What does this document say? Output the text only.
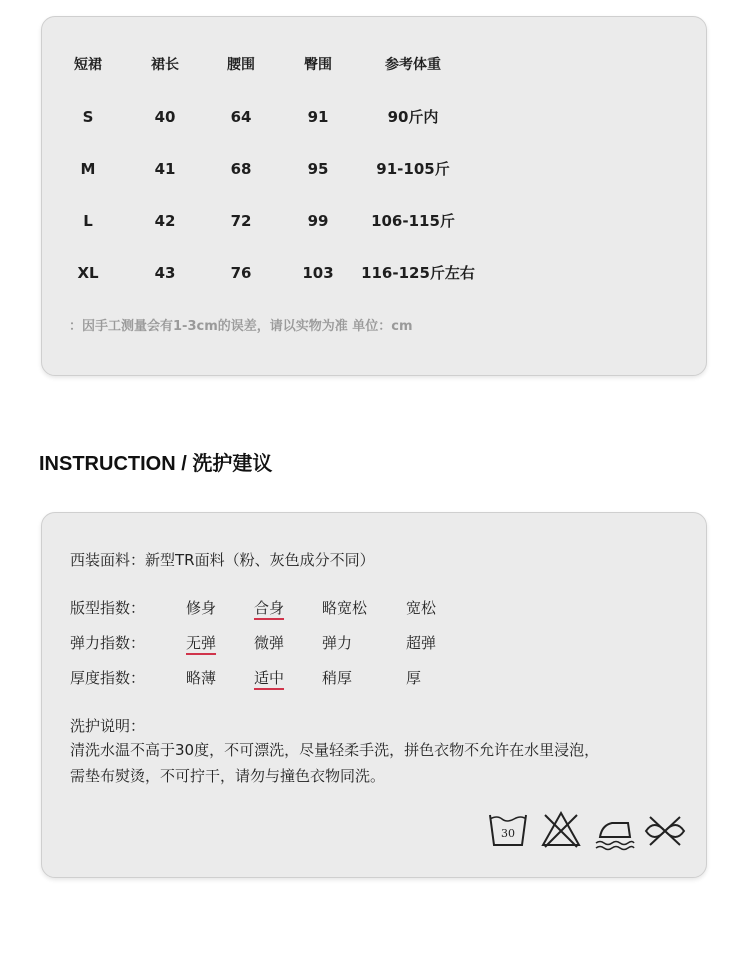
短裙	裙长	腰围	臀围	参考体重
S	40	64	91	90斤内
M	41	68	95	91-105斤
L	42	72	99	106-115斤
XL	43	76	103	116-125斤左右
：因手工测量会有1-3cm的误差，请以实物为准 单位：cm
INSTRUCTION / 洗护建议
西装面料：新型TR面料（粉、灰色成分不同）
版型指数：	修身	合身	略宽松	宽松
弹力指数：	无弹	微弹	弹力	超弹
厚度指数：	略薄	适中	稍厚	厚
洗护说明：
清洗水温不高于30度，不可漂洗，尽量轻柔手洗，拼色衣物不允许在水里浸泡，
需垫布熨烫，不可拧干，请勿与撞色衣物同洗。
30
